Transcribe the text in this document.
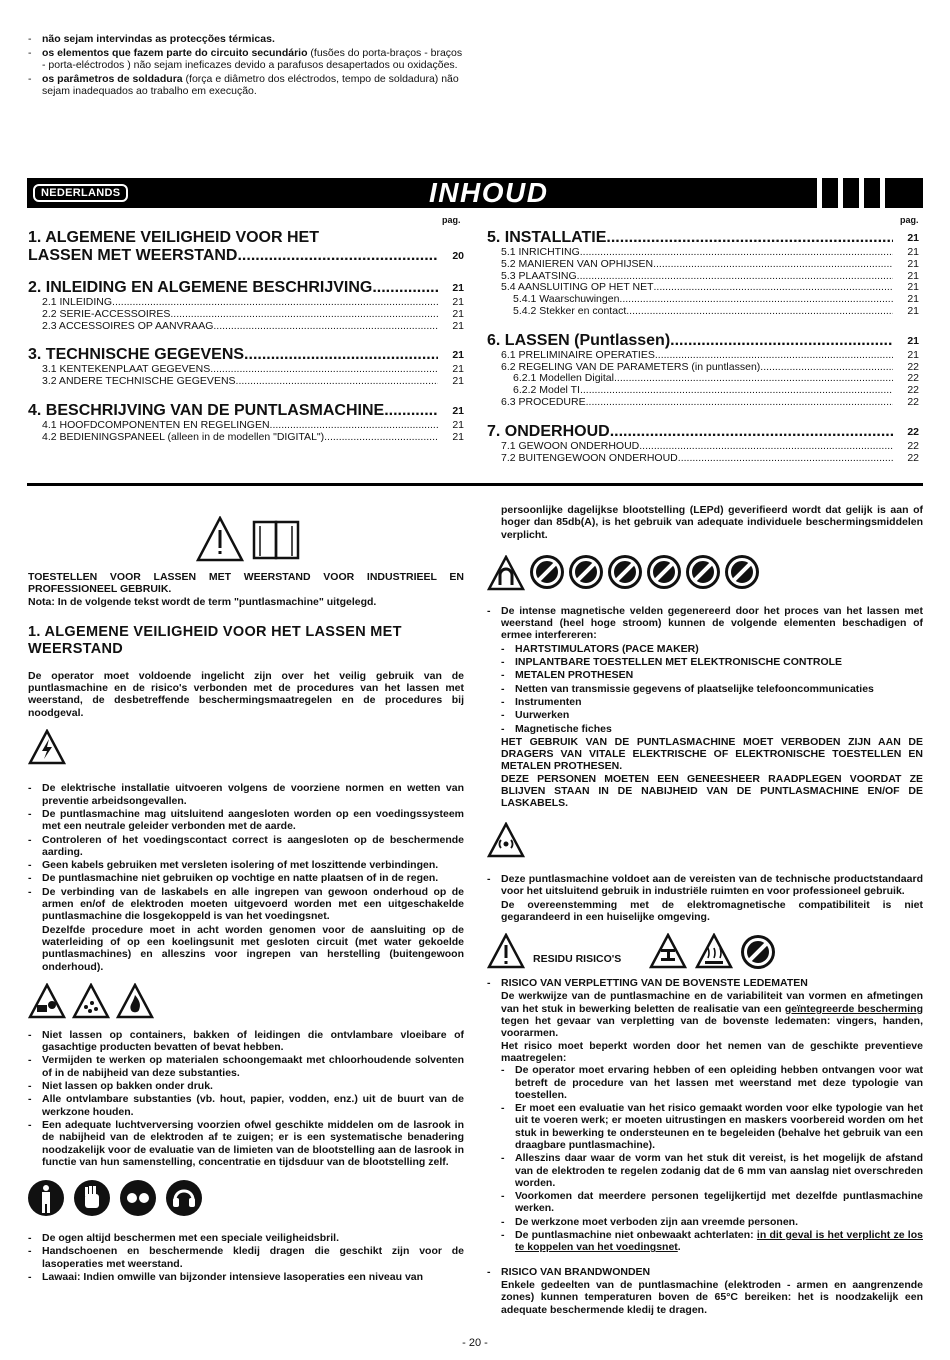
- não sejam intervindas as protecções térmicas.
- os elementos que fazem parte do circuito secundário (fusões do porta-braços - braços - porta-eléctrodos ) não sejam ineficazes devido a parafusos desapertados ou oxidações.
- os parâmetros de soldadura (força e diâmetro dos eléctrodos, tempo de soldadura) não sejam inadequados ao trabalho em execução.
NEDERLANDS	INHOUD
pag.	pag.
1. ALGEMENE VEILIGHEID VOOR HET
LASSEN MET WEERSTAND .....	20
2. INLEIDING EN ALGEMENE BESCHRIJVING .....	21
2.1 INLEIDING .....	21
2.2 SERIE-ACCESSOIRES .....	21
2.3 ACCESSOIRES OP AANVRAAG .....	21
3. TECHNISCHE GEGEVENS .....	21
3.1 KENTEKENPLAAT GEGEVENS .....	21
3.2 ANDERE TECHNISCHE GEGEVENS .....	21
4. BESCHRIJVING VAN DE PUNTLASMACHINE .....	21
4.1 HOOFDCOMPONENTEN EN REGELINGEN .....	21
4.2 BEDIENINGSPANEEL (alleen in de modellen "DIGITAL") .....	21
5. INSTALLATIE .....	21
5.1 INRICHTING .....	21
5.2 MANIEREN VAN OPHIJSEN .....	21
5.3 PLAATSING .....	21
5.4 AANSLUITING OP HET NET .....	21
5.4.1 Waarschuwingen .....	21
5.4.2 Stekker en contact .....	21
6. LASSEN (Puntlassen) .....	21
6.1 PRELIMINAIRE OPERATIES .....	21
6.2 REGELING VAN DE PARAMETERS (in puntlassen) .....	22
6.2.1 Modellen Digital .....	22
6.2.2 Model TI .....	22
6.3 PROCEDURE .....	22
7. ONDERHOUD .....	22
7.1 GEWOON ONDERHOUD .....	22
7.2 BUITENGEWOON ONDERHOUD .....	22
TOESTELLEN VOOR LASSEN MET WEERSTAND VOOR INDUSTRIEEL EN PROFESSIONEEL GEBRUIK.
Nota: In de volgende tekst wordt de term "puntlasmachine" uitgelegd.
1. ALGEMENE VEILIGHEID VOOR HET LASSEN MET WEERSTAND
De operator moet voldoende ingelicht zijn over het veilig gebruik van de puntlasmachine en de risico's verbonden met de procedures van het lassen met weerstand, de desbetreffende beschermingsmaatregelen en de procedures bij noodgeval.
- De elektrische installatie uitvoeren volgens de voorziene normen en wetten van preventie arbeidsongevallen.
- De puntlasmachine mag uitsluitend aangesloten worden op een voedingssysteem met een neutrale geleider verbonden met de aarde.
- Controleren of het voedingscontact correct is aangesloten op de beschermende aarding.
- Geen kabels gebruiken met versleten isolering of met loszittende verbindingen.
- De puntlasmachine niet gebruiken op vochtige en natte plaatsen of in de regen.
- De verbinding van de laskabels en alle ingrepen van gewoon onderhoud op de armen en/of de elektroden moeten uitgevoerd worden met een uitgeschakelde puntlasmachine die losgekoppeld is van het voedingsnet.
Dezelfde procedure moet in acht worden genomen voor de aansluiting op de waterleiding of op een koelingsunit met gesloten circuit (met water gekoelde puntlasmachines) en alleszins voor ingrepen van herstelling (buitengewoon onderhoud).
- Niet lassen op containers, bakken of leidingen die ontvlambare vloeibare of gasachtige producten bevatten of bevat hebben.
- Vermijden te werken op materialen schoongemaakt met chloorhoudende solventen of in de nabijheid van deze substanties.
- Niet lassen op bakken onder druk.
- Alle ontvlambare substanties (vb. hout, papier, vodden, enz.) uit de buurt van de werkzone houden.
- Een adequate luchtverversing voorzien ofwel geschikte middelen om de lasrook in de nabijheid van de elektroden af te zuigen; er is een systematische benadering noodzakelijk voor de evaluatie van de limieten van de blootstelling aan de lasrook in functie van hun samenstelling, concentratie en tijdsduur van de blootstelling zelf.
- De ogen altijd beschermen met een speciale veiligheidsbril.
- Handschoenen en beschermende kledij dragen die geschikt zijn voor de lasoperaties met weerstand.
- Lawaai: Indien omwille van bijzonder intensieve lasoperaties een niveau van
persoonlijke dagelijkse blootstelling (LEPd) geverifieerd wordt dat gelijk is aan of hoger dan 85db(A), is het gebruik van adequate individuele beschermingsmiddelen verplicht.
- De intense magnetische velden gegenereerd door het proces van het lassen met weerstand (heel hoge stroom) kunnen de volgende elementen beschadigen of ermee interfereren:
- HARTSTIMULATORS (PACE MAKER)
- INPLANTBARE TOESTELLEN MET ELEKTRONISCHE CONTROLE
- METALEN PROTHESEN
- Netten van transmissie gegevens of plaatselijke telefooncommunicaties
- Instrumenten
- Uurwerken
- Magnetische fiches
HET GEBRUIK VAN DE PUNTLASMACHINE MOET VERBODEN ZIJN AAN DE DRAGERS VAN VITALE ELEKTRISCHE OF ELEKTRONISCHE TOESTELLEN EN METALEN PROTHESEN.
DEZE PERSONEN MOETEN EEN GENEESHEER RAADPLEGEN VOORDAT ZE BLIJVEN STAAN IN DE NABIJHEID VAN DE PUNTLASMACHINE EN/OF DE LASKABELS.
- Deze puntlasmachine voldoet aan de vereisten van de technische productstandaard voor het uitsluitend gebruik in industriële ruimten en voor professioneel gebruik.
De overeenstemming met de elektromagnetische compatibiliteit is niet gegarandeerd in een huiselijke omgeving.
RESIDU RISICO'S
- RISICO VAN VERPLETTING VAN DE BOVENSTE LEDEMATEN
De werkwijze van de puntlasmachine en de variabiliteit van vormen en afmetingen van het stuk in bewerking beletten de realisatie van een geïntegreerde bescherming tegen het gevaar van verpletting van de bovenste ledematen: vingers, handen, voorarmen.
Het risico moet beperkt worden door het nemen van de geschikte preventieve maatregelen:
- De operator moet ervaring hebben of een opleiding hebben ontvangen voor wat betreft de procedure van het lassen met weerstand met deze typologie van toestellen.
- Er moet een evaluatie van het risico gemaakt worden voor elke typologie van het uit te voeren werk; er moeten uitrustingen en maskers voorbereid worden om het stuk in bewerking te ondersteunen en te begeleiden (behalve het gebruik van een draagbare puntlasmachine).
- Alleszins daar waar de vorm van het stuk dit vereist, is het mogelijk de afstand van de elektroden te regelen zodanig dat de 6 mm van aanslag niet overschreden worden.
- Voorkomen dat meerdere personen tegelijkertijd met dezelfde puntlasmachine werken.
- De werkzone moet verboden zijn aan vreemde personen.
- De puntlasmachine niet onbewaakt achterlaten: in dit geval is het verplicht ze los te koppelen van het voedingsnet.
- RISICO VAN BRANDWONDEN
Enkele gedeelten van de puntlasmachine (elektroden - armen en aangrenzende zones) kunnen temperaturen boven de 65°C bereiken: het is noodzakelijk een adequate beschermende kledij te dragen.
- 20 -
